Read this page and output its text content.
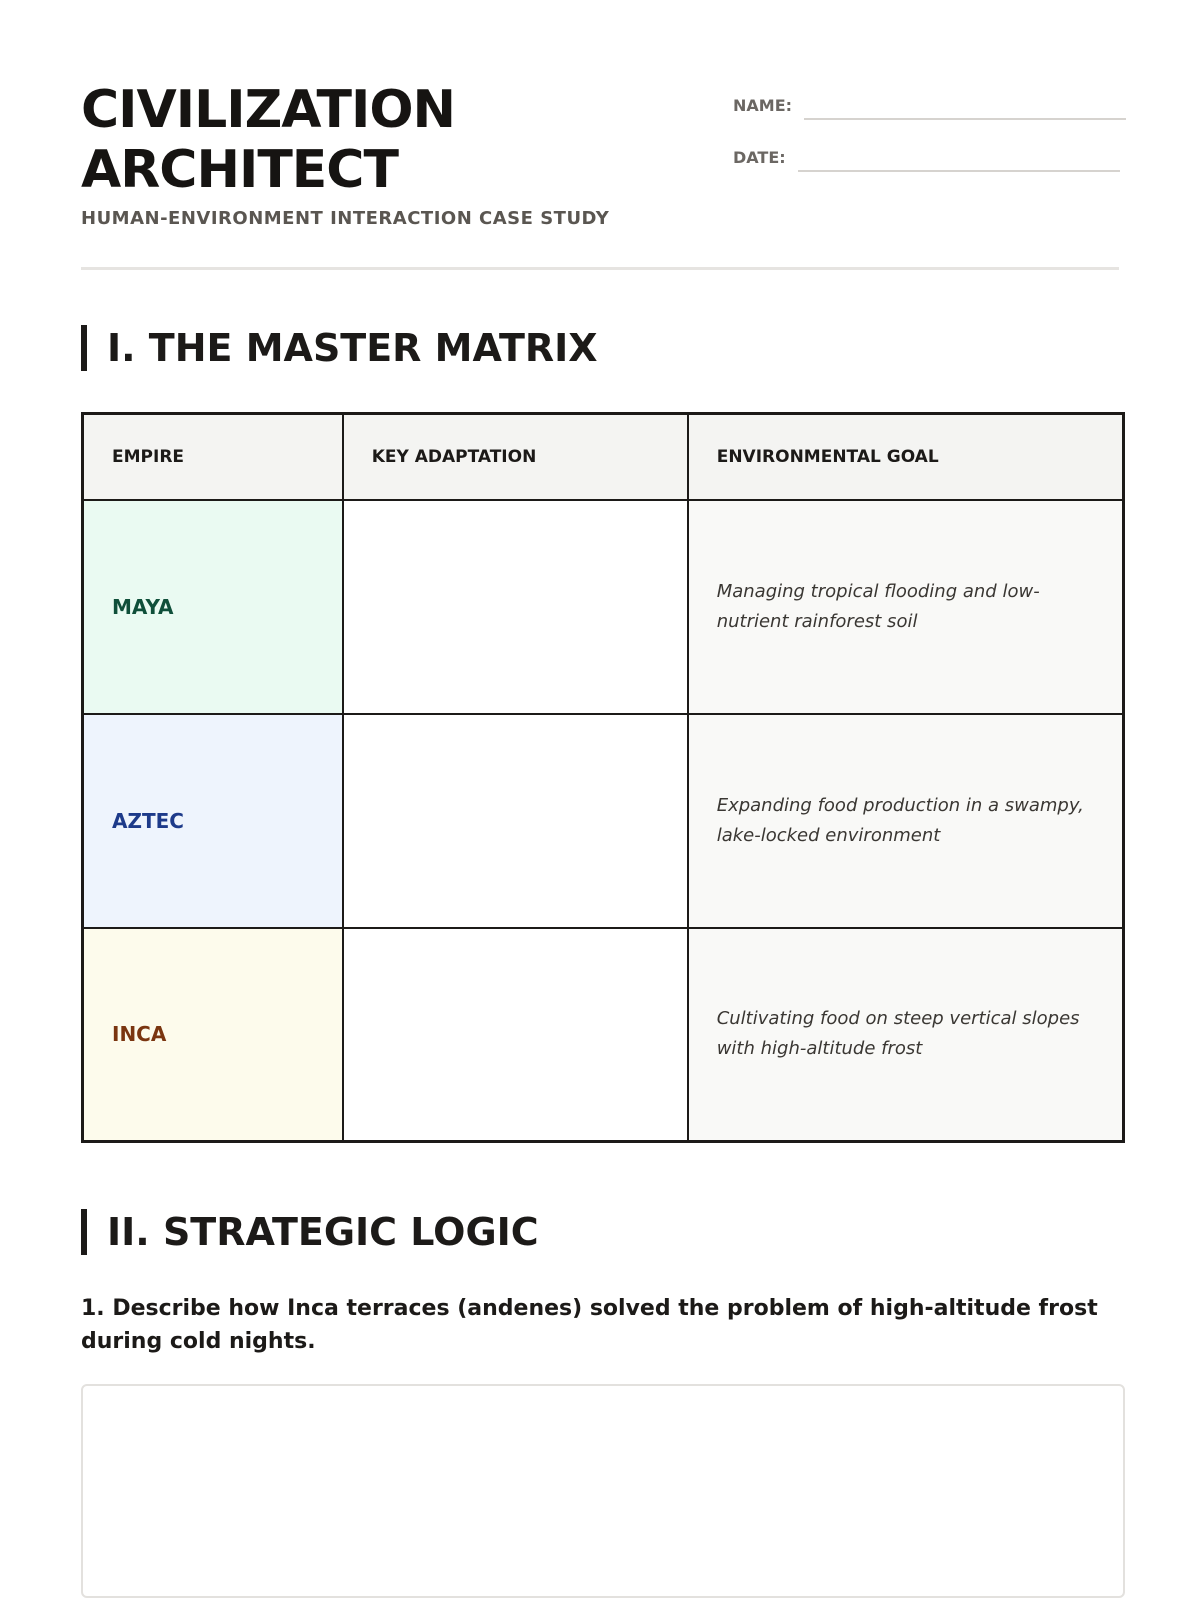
CIVILIZATION ARCHITECT
HUMAN-ENVIRONMENT INTERACTION CASE STUDY
NAME:
DATE:
I. THE MASTER MATRIX
EMPIRE	KEY ADAPTATION	ENVIRONMENTAL GOAL
MAYA		Managing tropical flooding and low-nutrient rainforest soil
AZTEC		Expanding food production in a swampy, lake-locked environment
INCA		Cultivating food on steep vertical slopes with high-altitude frost
II. STRATEGIC LOGIC
1. Describe how Inca terraces (andenes) solved the problem of high-altitude frost during cold nights.
